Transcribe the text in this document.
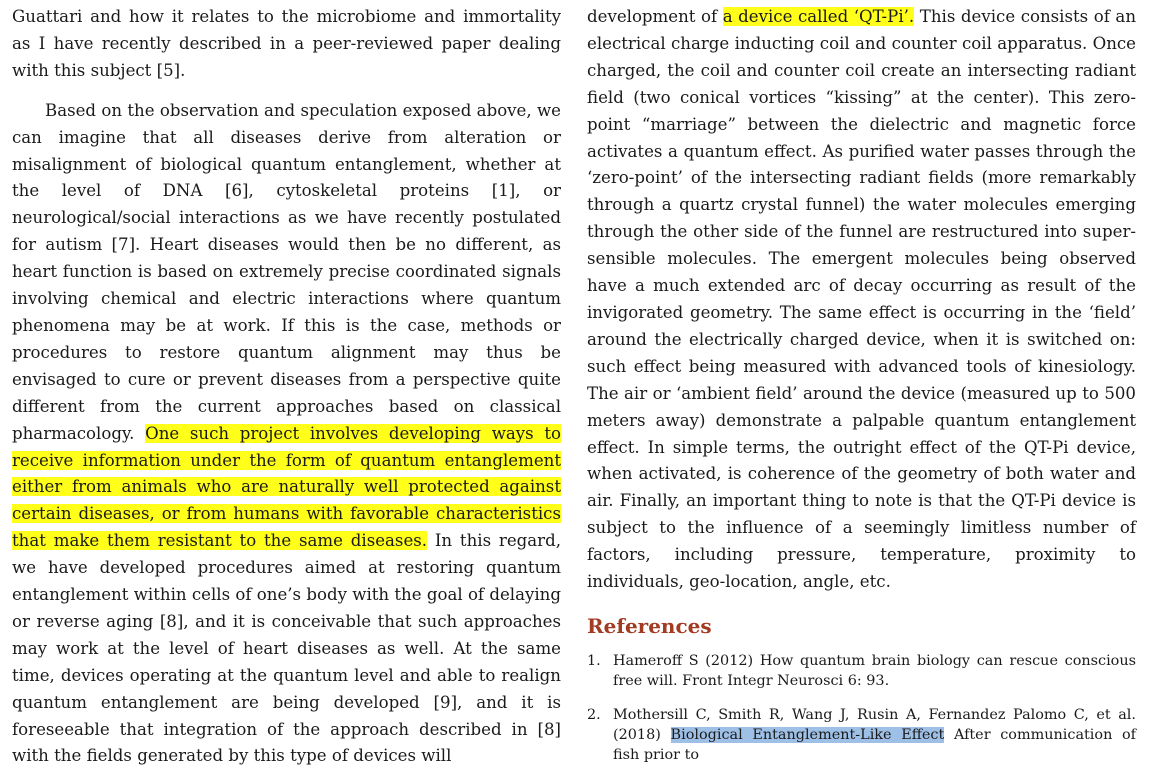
Guattari and how it relates to the microbiome and immortality as I have recently described in a peer-reviewed paper dealing with this subject [5].

Based on the observation and speculation exposed above, we can imagine that all diseases derive from alteration or misalignment of biological quantum entanglement, whether at the level of DNA [6], cytoskeletal proteins [1], or neurological/social interactions as we have recently postulated for autism [7]. Heart diseases would then be no different, as heart function is based on extremely precise coordinated signals involving chemical and electric interactions where quantum phenomena may be at work. If this is the case, methods or procedures to restore quantum alignment may thus be envisaged to cure or prevent diseases from a perspective quite different from the current approaches based on classical pharmacology. One such project involves developing ways to receive information under the form of quantum entanglement either from animals who are naturally well protected against certain diseases, or from humans with favorable characteristics that make them resistant to the same diseases. In this regard, we have developed procedures aimed at restoring quantum entanglement within cells of one’s body with the goal of delaying or reverse aging [8], and it is conceivable that such approaches may work at the level of heart diseases as well. At the same time, devices operating at the quantum level and able to realign quantum entanglement are being developed [9], and it is foreseeable that integration of the approach described in [8] with the fields generated by this type of devices will

development of a device called ‘QT-Pi’. This device consists of an electrical charge inducting coil and counter coil apparatus. Once charged, the coil and counter coil create an intersecting radiant field (two conical vortices “kissing” at the center). This zero-point “marriage” between the dielectric and magnetic force activates a quantum effect. As purified water passes through the ‘zero-point’ of the intersecting radiant fields (more remarkably through a quartz crystal funnel) the water molecules emerging through the other side of the funnel are restructured into super-sensible molecules. The emergent molecules being observed have a much extended arc of decay occurring as result of the invigorated geometry. The same effect is occurring in the ‘field’ around the electrically charged device, when it is switched on: such effect being measured with advanced tools of kinesiology. The air or ‘ambient field’ around the device (measured up to 500 meters away) demonstrate a palpable quantum entanglement effect. In simple terms, the outright effect of the QT-Pi device, when activated, is coherence of the geometry of both water and air. Finally, an important thing to note is that the QT-Pi device is subject to the influence of a seemingly limitless number of factors, including pressure, temperature, proximity to individuals, geo-location, angle, etc.

References
1. Hameroff S (2012) How quantum brain biology can rescue conscious free will. Front Integr Neurosci 6: 93.
2. Mothersill C, Smith R, Wang J, Rusin A, Fernandez Palomo C, et al. (2018) Biological Entanglement-Like Effect After communication of fish prior to
